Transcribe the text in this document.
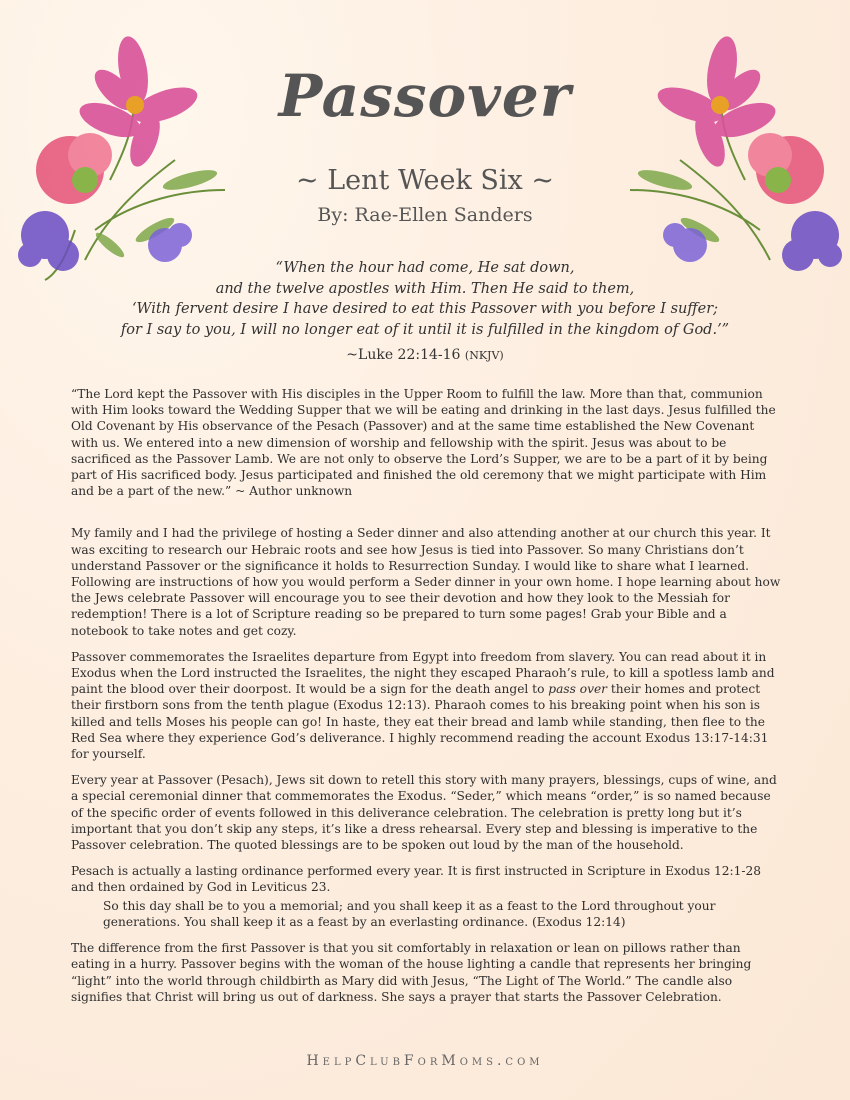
Passover
~ Lent Week Six ~
By: Rae-Ellen Sanders
“When the hour had come, He sat down,
and the twelve apostles with Him. Then He said to them,
‘With fervent desire I have desired to eat this Passover with you before I suffer;
for I say to you, I will no longer eat of it until it is fulfilled in the kingdom of God.’”
~Luke 22:14-16 (NKJV)

“The Lord kept the Passover with His disciples in the Upper Room to fulfill the law. More than that, communion with Him looks toward the Wedding Supper that we will be eating and drinking in the last days. Jesus fulfilled the Old Covenant by His observance of the Pesach (Passover) and at the same time established the New Covenant with us. We entered into a new dimension of worship and fellowship with the spirit. Jesus was about to be sacrificed as the Passover Lamb. We are not only to observe the Lord’s Supper, we are to be a part of it by being part of His sacrificed body. Jesus participated and finished the old ceremony that we might participate with Him and be a part of the new.” ~ Author unknown

My family and I had the privilege of hosting a Seder dinner and also attending another at our church this year. It was exciting to research our Hebraic roots and see how Jesus is tied into Passover. So many Christians don’t understand Passover or the significance it holds to Resurrection Sunday. I would like to share what I learned. Following are instructions of how you would perform a Seder dinner in your own home. I hope learning about how the Jews celebrate Passover will encourage you to see their devotion and how they look to the Messiah for redemption! There is a lot of Scripture reading so be prepared to turn some pages! Grab your Bible and a notebook to take notes and get cozy.

Passover commemorates the Israelites departure from Egypt into freedom from slavery. You can read about it in Exodus when the Lord instructed the Israelites, the night they escaped Pharaoh’s rule, to kill a spotless lamb and paint the blood over their doorpost. It would be a sign for the death angel to pass over their homes and protect their firstborn sons from the tenth plague (Exodus 12:13). Pharaoh comes to his breaking point when his son is killed and tells Moses his people can go! In haste, they eat their bread and lamb while standing, then flee to the Red Sea where they experience God’s deliverance. I highly recommend reading the account Exodus 13:17-14:31 for yourself.

Every year at Passover (Pesach), Jews sit down to retell this story with many prayers, blessings, cups of wine, and a special ceremonial dinner that commemorates the Exodus. “Seder,” which means “order,” is so named because of the specific order of events followed in this deliverance celebration. The celebration is pretty long but it’s important that you don’t skip any steps, it’s like a dress rehearsal. Every step and blessing is imperative to the Passover celebration. The quoted blessings are to be spoken out loud by the man of the household.

Pesach is actually a lasting ordinance performed every year. It is first instructed in Scripture in Exodus 12:1-28 and then ordained by God in Leviticus 23.

So this day shall be to you a memorial; and you shall keep it as a feast to the Lord throughout your generations. You shall keep it as a feast by an everlasting ordinance. (Exodus 12:14)

The difference from the first Passover is that you sit comfortably in relaxation or lean on pillows rather than eating in a hurry. Passover begins with the woman of the house lighting a candle that represents her bringing “light” into the world through childbirth as Mary did with Jesus, “The Light of The World.” The candle also signifies that Christ will bring us out of darkness. She says a prayer that starts the Passover Celebration.

HelpClubForMoms.com
